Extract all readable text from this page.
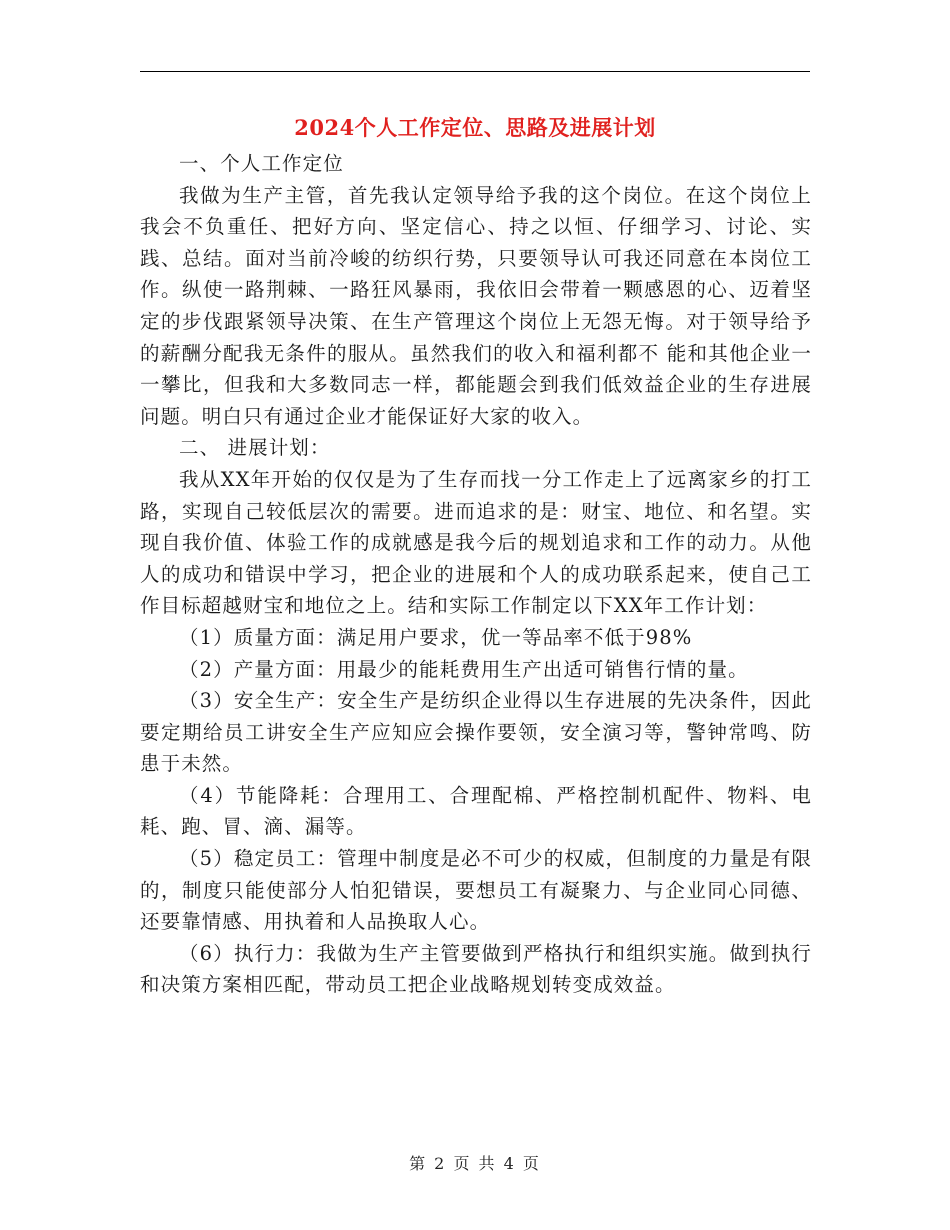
2024个人工作定位、思路及进展计划

一、个人工作定位

我做为生产主管，首先我认定领导给予我的这个岗位。在这个岗位上我会不负重任、把好方向、坚定信心、持之以恒、仔细学习、讨论、实践、总结。面对当前冷峻的纺织行势，只要领导认可我还同意在本岗位工作。纵使一路荆棘、一路狂风暴雨，我依旧会带着一颗感恩的心、迈着坚定的步伐跟紧领导决策、在生产管理这个岗位上无怨无悔。对于领导给予的薪酬分配我无条件的服从。虽然我们的收入和福利都不 能和其他企业一一攀比，但我和大多数同志一样，都能题会到我们低效益企业的生存进展问题。明白只有通过企业才能保证好大家的收入。

二、 进展计划：

我从XX年开始的仅仅是为了生存而找一分工作走上了远离家乡的打工路，实现自己较低层次的需要。进而追求的是：财宝、地位、和名望。实现自我价值、体验工作的成就感是我今后的规划追求和工作的动力。从他人的成功和错误中学习，把企业的进展和个人的成功联系起来，使自己工作目标超越财宝和地位之上。结和实际工作制定以下XX年工作计划：

（1）质量方面：满足用户要求，优一等品率不低于98%

（2）产量方面：用最少的能耗费用生产出适可销售行情的量。

（3）安全生产：安全生产是纺织企业得以生存进展的先决条件，因此要定期给员工讲安全生产应知应会操作要领，安全演习等，警钟常鸣、防患于未然。

（4）节能降耗：合理用工、合理配棉、严格控制机配件、物料、电耗、跑、冒、滴、漏等。

（5）稳定员工：管理中制度是必不可少的权威，但制度的力量是有限的，制度只能使部分人怕犯错误，要想员工有凝聚力、与企业同心同德、还要靠情感、用执着和人品换取人心。

（6）执行力：我做为生产主管要做到严格执行和组织实施。做到执行和决策方案相匹配，带动员工把企业战略规划转变成效益。

第 2 页 共 4 页
